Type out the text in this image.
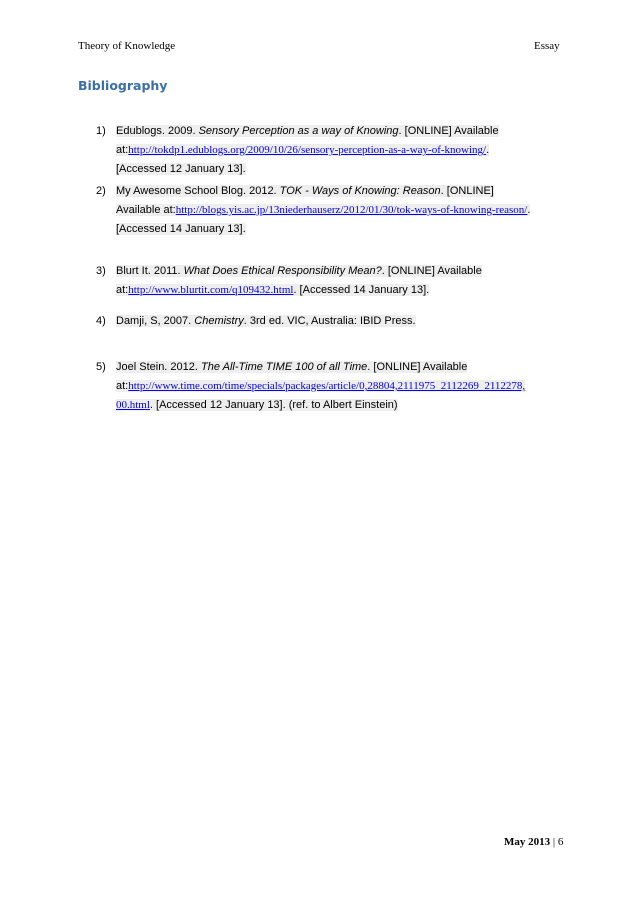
Theory of Knowledge	Essay
Bibliography
1) Edublogs. 2009. Sensory Perception as a way of Knowing. [ONLINE] Available
at:http://tokdp1.edublogs.org/2009/10/26/sensory-perception-as-a-way-of-knowing/.
[Accessed 12 January 13].
2) My Awesome School Blog. 2012. TOK - Ways of Knowing: Reason. [ONLINE]
Available at:http://blogs.yis.ac.jp/13niederhauserz/2012/01/30/tok-ways-of-knowing-reason/.
[Accessed 14 January 13].
3) Blurt It. 2011. What Does Ethical Responsibility Mean?. [ONLINE] Available
at:http://www.blurtit.com/q109432.html. [Accessed 14 January 13].
4) Damji, S, 2007. Chemistry. 3rd ed. VIC, Australia: IBID Press.
5) Joel Stein. 2012. The All-Time TIME 100 of all Time. [ONLINE] Available
at:http://www.time.com/time/specials/packages/article/0,28804,2111975_2112269_2112278,
00.html. [Accessed 12 January 13]. (ref. to Albert Einstein)
May 2013 | 6
